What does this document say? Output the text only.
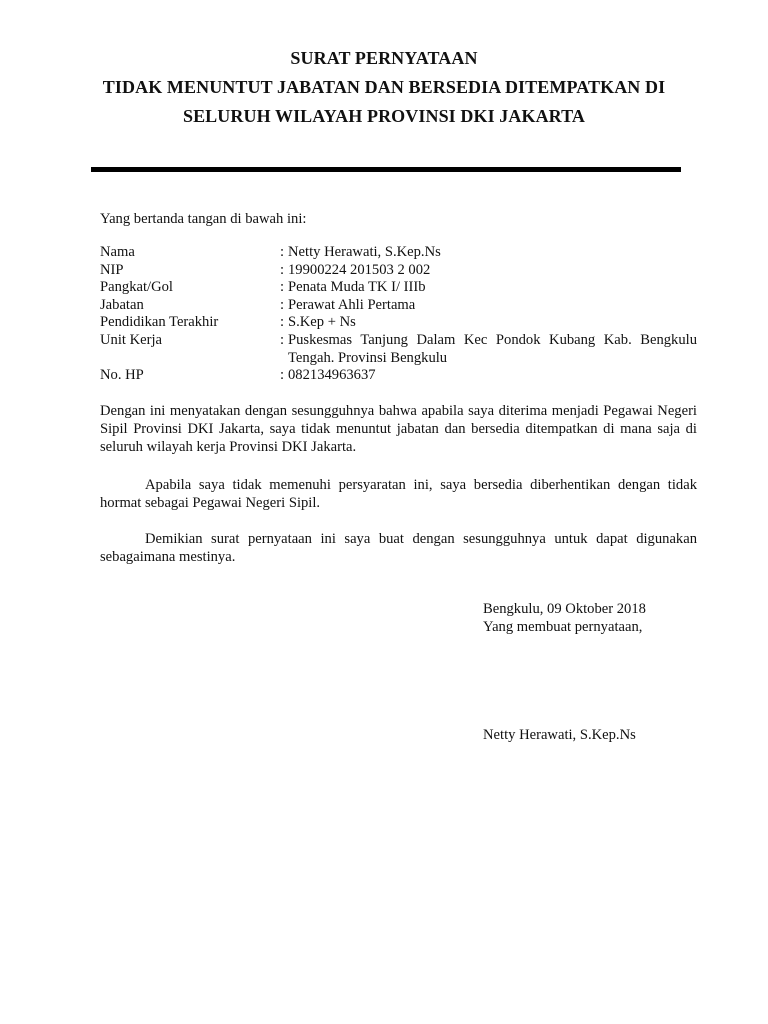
SURAT PERNYATAAN
TIDAK MENUNTUT JABATAN DAN BERSEDIA DITEMPATKAN DI
SELURUH WILAYAH PROVINSI DKI JAKARTA
Yang bertanda tangan di bawah ini:
Nama	: Netty Herawati, S.Kep.Ns
NIP	: 19900224 201503 2 002
Pangkat/Gol	: Penata Muda TK I/ IIIb
Jabatan	: Perawat Ahli Pertama
Pendidikan Terakhir	: S.Kep + Ns
Unit Kerja	: Puskesmas Tanjung Dalam Kec Pondok Kubang Kab. Bengkulu Tengah. Provinsi Bengkulu
No. HP	: 082134963637
Dengan ini menyatakan dengan sesungguhnya bahwa apabila saya diterima menjadi Pegawai Negeri Sipil Provinsi DKI Jakarta, saya tidak menuntut jabatan dan bersedia ditempatkan di mana saja di seluruh wilayah kerja Provinsi DKI Jakarta.
Apabila saya tidak memenuhi persyaratan ini, saya bersedia diberhentikan dengan tidak hormat sebagai Pegawai Negeri Sipil.
Demikian surat pernyataan ini saya buat dengan sesungguhnya untuk dapat digunakan sebagaimana mestinya.
Bengkulu, 09 Oktober 2018
Yang membuat pernyataan,
Netty Herawati, S.Kep.Ns
